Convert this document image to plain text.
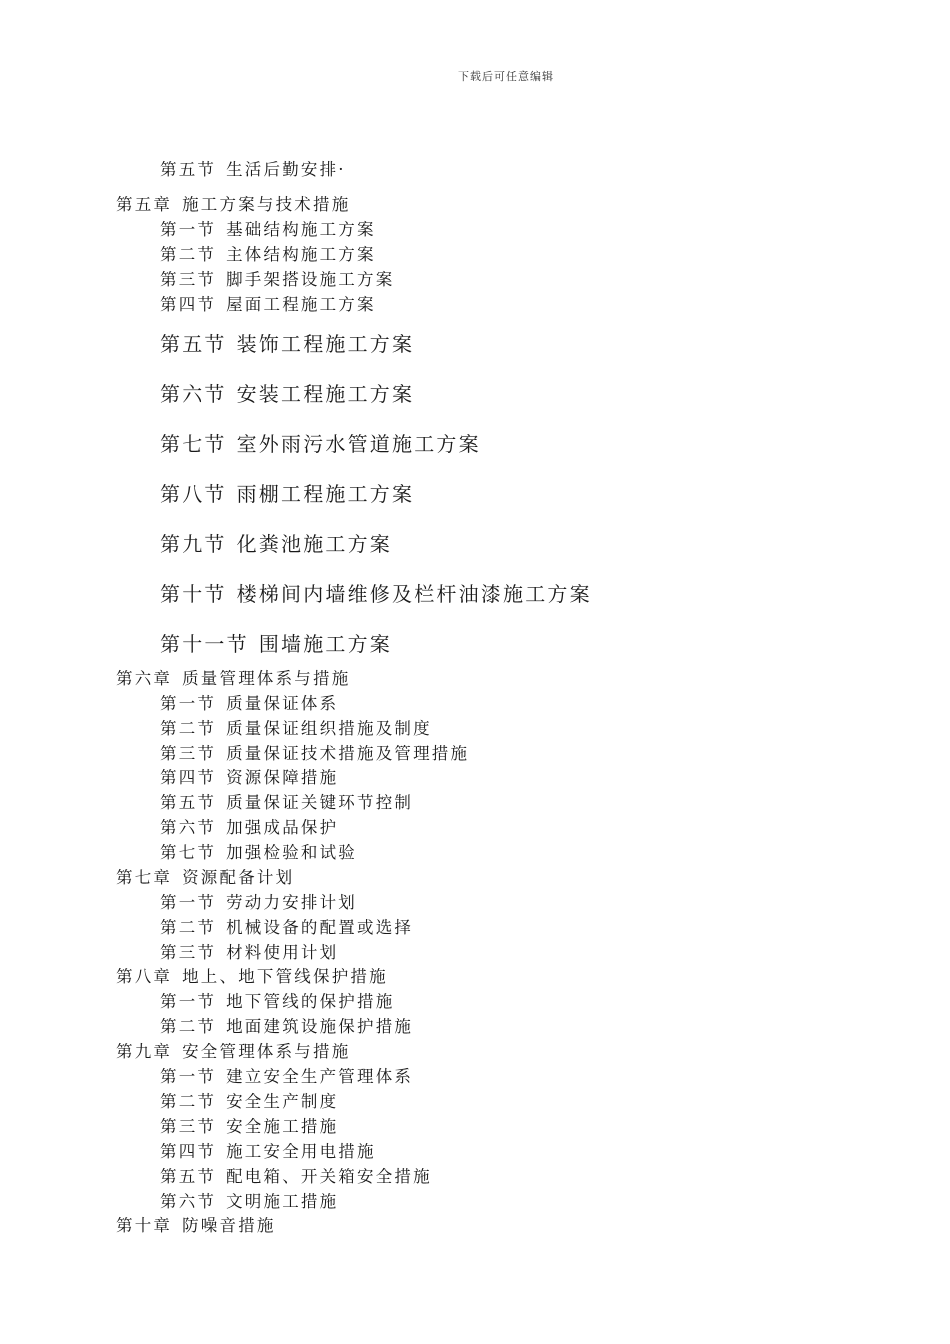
下载后可任意编辑
第五节 生活后勤安排·
第五章 施工方案与技术措施
第一节 基础结构施工方案
第二节 主体结构施工方案
第三节 脚手架搭设施工方案
第四节 屋面工程施工方案
第五节 装饰工程施工方案
第六节 安装工程施工方案
第七节 室外雨污水管道施工方案
第八节 雨棚工程施工方案
第九节 化粪池施工方案
第十节 楼梯间内墙维修及栏杆油漆施工方案
第十一节 围墙施工方案
第六章 质量管理体系与措施
第一节 质量保证体系
第二节 质量保证组织措施及制度
第三节 质量保证技术措施及管理措施
第四节 资源保障措施
第五节 质量保证关键环节控制
第六节 加强成品保护
第七节 加强检验和试验
第七章 资源配备计划
第一节 劳动力安排计划
第二节 机械设备的配置或选择
第三节 材料使用计划
第八章 地上、地下管线保护措施
第一节 地下管线的保护措施
第二节 地面建筑设施保护措施
第九章 安全管理体系与措施
第一节 建立安全生产管理体系
第二节 安全生产制度
第三节 安全施工措施
第四节 施工安全用电措施
第五节 配电箱、开关箱安全措施
第六节 文明施工措施
第十章 防噪音措施
